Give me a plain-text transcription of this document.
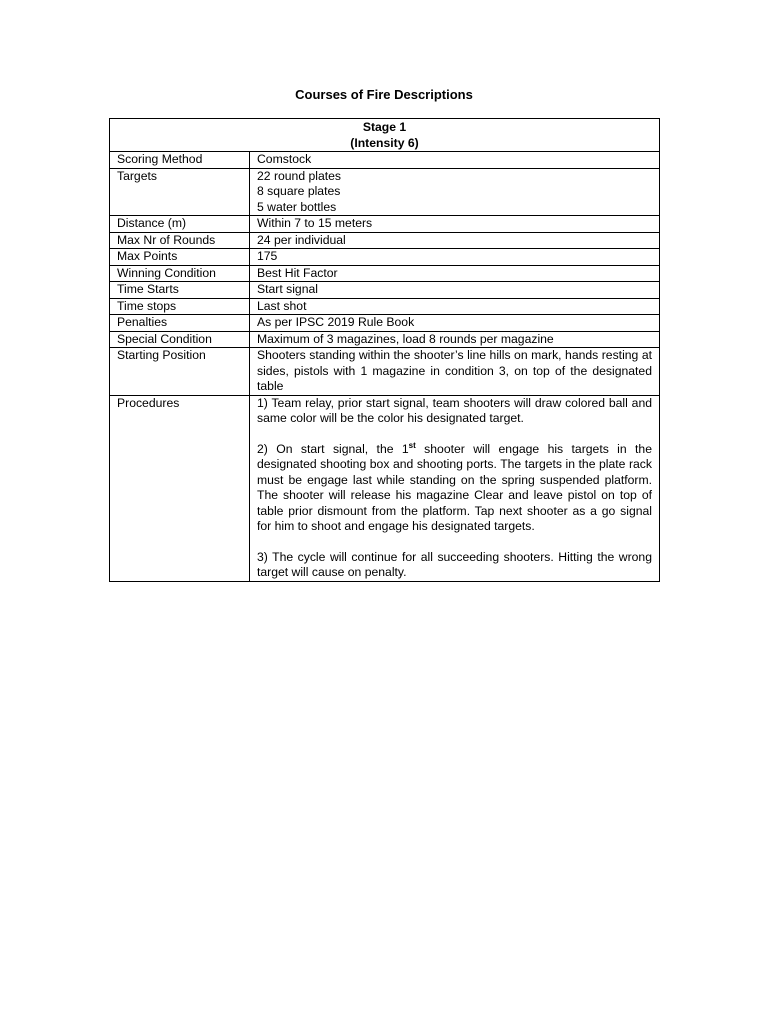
Courses of Fire Descriptions
Stage 1
(Intensity 6)	

Scoring Method	Comstock
Targets	22 round plates
8 square plates
5 water bottles

Distance (m)	Within 7 to 15 meters
Max Nr of Rounds	24 per individual
Max Points	175
Winning Condition	Best Hit Factor
Time Starts	Start signal
Time stops	Last shot
Penalties	As per IPSC 2019 Rule Book
Special Condition	Maximum of 3 magazines, load 8 rounds per magazine
Starting Position	Shooters standing within the shooter’s line hills on mark, hands resting at sides, pistols with 1 magazine in condition 3, on top of the designated table

Procedures	1) Team relay, prior start signal, team shooters will draw colored ball and same color will be the color his designated target.
2) On start signal, the 1st shooter will engage his targets in the designated shooting box and shooting ports. The targets in the plate rack must be engage last while standing on the spring suspended platform. The shooter will release his magazine Clear and leave pistol on top of table prior dismount from the platform. Tap next shooter as a go signal for him to shoot and engage his designated targets.
3) The cycle will continue for all succeeding shooters. Hitting the wrong target will cause on penalty.
